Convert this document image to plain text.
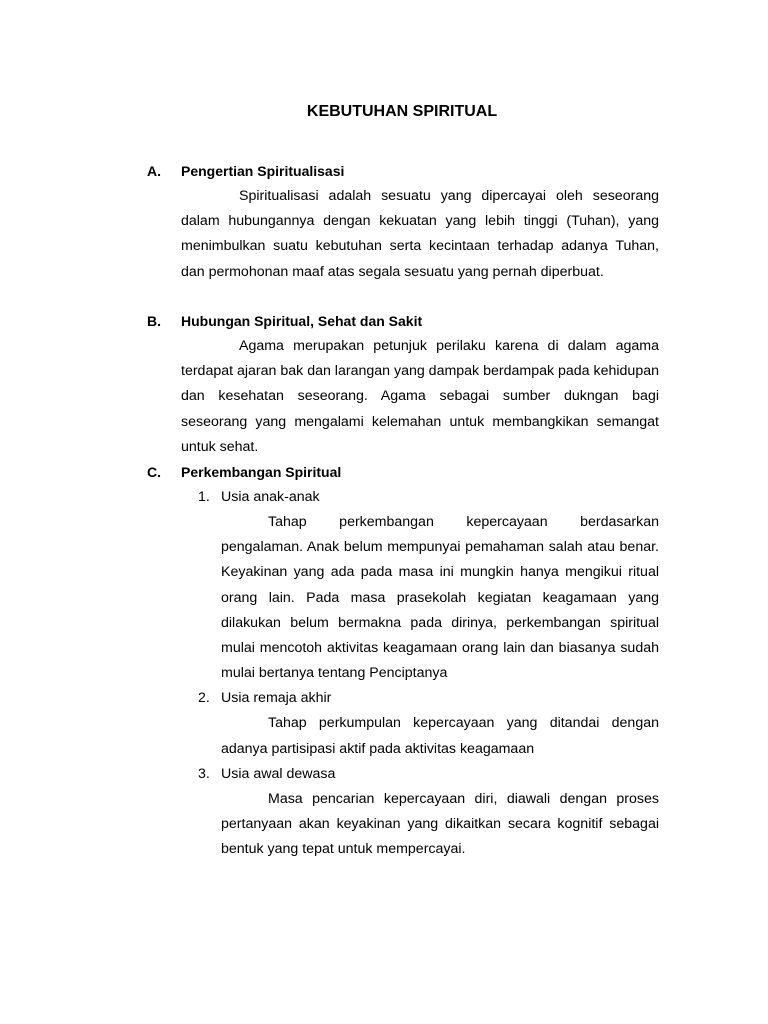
KEBUTUHAN SPIRITUAL
A. Pengertian Spiritualisasi

Spiritualisasi adalah sesuatu yang dipercayai oleh seseorang dalam hubungannya dengan kekuatan yang lebih tinggi (Tuhan), yang menimbulkan suatu kebutuhan serta kecintaan terhadap adanya Tuhan, dan permohonan maaf atas segala sesuatu yang pernah diperbuat.

B. Hubungan Spiritual, Sehat dan Sakit

Agama merupakan petunjuk perilaku karena di dalam agama terdapat ajaran bak dan larangan yang dampak berdampak pada kehidupan dan kesehatan seseorang. Agama sebagai sumber dukngan bagi seseorang yang mengalami kelemahan untuk membangkikan semangat untuk sehat.

C. Perkembangan Spiritual
1. Usia anak-anak

Tahap perkembangan kepercayaan berdasarkan pengalaman. Anak belum mempunyai pemahaman salah atau benar. Keyakinan yang ada pada masa ini mungkin hanya mengikui ritual orang lain. Pada masa prasekolah kegiatan keagamaan yang dilakukan belum bermakna pada dirinya, perkembangan spiritual mulai mencotoh aktivitas keagamaan orang lain dan biasanya sudah mulai bertanya tentang Penciptanya

2. Usia remaja akhir

Tahap perkumpulan kepercayaan yang ditandai dengan adanya partisipasi aktif pada aktivitas keagamaan

3. Usia awal dewasa

Masa pencarian kepercayaan diri, diawali dengan proses pertanyaan akan keyakinan yang dikaitkan secara kognitif sebagai bentuk yang tepat untuk mempercayai.
